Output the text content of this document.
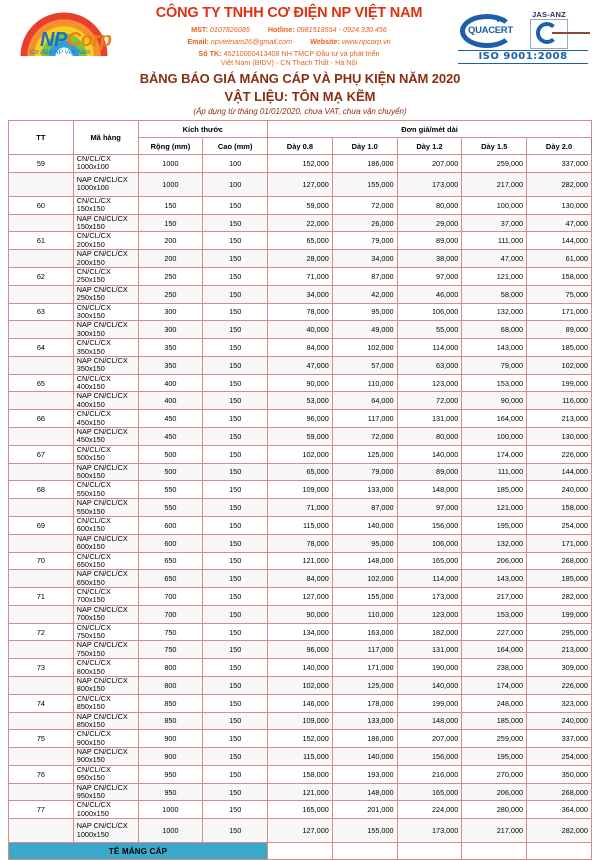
NPCorp
Cơ điện NP Việt Nam
CÔNG TY TNHH CƠ ĐIỆN NP VIỆT NAM
MST: 0107826085	Hotline: 0981518554 - 0924.330.456
Email: npvietnam26@gmail.com	Website: www.npcorp.vn
Số TK: 45210000413408 NH TMCP Đầu tư và phát triển
Việt Nam (BIDV) - CN Thạch Thất - Hà Nội
QUACERT
vn
JAS-ANZ
ISO 9001:2008
BẢNG BÁO GIÁ MÁNG CÁP VÀ PHỤ KIỆN NĂM 2020
VẬT LIỆU: TÔN MẠ KẼM
(Áp dụng từ tháng 01/01/2020, chưa VAT, chưa vận chuyển)
TT	Mã hàng	Kích thước		Đơn giá/mét dài				
		Rộng (mm)	Cao (mm)	Dày 0.8	Dày 1.0	Dày 1.2	Dày 1.5	Dày 2.0
59	CN/CL/CX 1000x100	1000	100	152,000	186,000	207,000	259,000	337,000
	NAP CN/CL/CX 1000x100	1000	100	127,000	155,000	173,000	217,000	282,000
60	CN/CL/CX 150x150	150	150	59,000	72,000	80,000	100,000	130,000
	NAP CN/CL/CX 150x150	150	150	22,000	26,000	29,000	37,000	47,000
61	CN/CL/CX 200x150	200	150	65,000	79,000	89,000	111,000	144,000
	NAP CN/CL/CX 200x150	200	150	28,000	34,000	38,000	47,000	61,000
62	CN/CL/CX 250x150	250	150	71,000	87,000	97,000	121,000	158,000
	NAP CN/CL/CX 250x150	250	150	34,000	42,000	46,000	58,000	75,000
63	CN/CL/CX 300x150	300	150	78,000	95,000	106,000	132,000	171,000
	NAP CN/CL/CX 300x150	300	150	40,000	49,000	55,000	68,000	89,000
64	CN/CL/CX 350x150	350	150	84,000	102,000	114,000	143,000	185,000
	NAP CN/CL/CX 350x150	350	150	47,000	57,000	63,000	79,000	102,000
65	CN/CL/CX 400x150	400	150	90,000	110,000	123,000	153,000	199,000
	NAP CN/CL/CX 400x150	400	150	53,000	64,000	72,000	90,000	116,000
66	CN/CL/CX 450x150	450	150	96,000	117,000	131,000	164,000	213,000
	NAP CN/CL/CX 450x150	450	150	59,000	72,000	80,000	100,000	130,000
67	CN/CL/CX 500x150	500	150	102,000	125,000	140,000	174,000	226,000
	NAP CN/CL/CX 500x150	500	150	65,000	79,000	89,000	111,000	144,000
68	CN/CL/CX 550x150	550	150	109,000	133,000	148,000	185,000	240,000
	NAP CN/CL/CX 550x150	550	150	71,000	87,000	97,000	121,000	158,000
69	CN/CL/CX 600x150	600	150	115,000	140,000	156,000	195,000	254,000
	NAP CN/CL/CX 600x150	600	150	78,000	95,000	106,000	132,000	171,000
70	CN/CL/CX 650x150	650	150	121,000	148,000	165,000	206,000	268,000
	NAP CN/CL/CX 650x150	650	150	84,000	102,000	114,000	143,000	185,000
71	CN/CL/CX 700x150	700	150	127,000	155,000	173,000	217,000	282,000
	NAP CN/CL/CX 700x150	700	150	90,000	110,000	123,000	153,000	199,000
72	CN/CL/CX 750x150	750	150	134,000	163,000	182,000	227,000	295,000
	NAP CN/CL/CX 750x150	750	150	96,000	117,000	131,000	164,000	213,000
73	CN/CL/CX 800x150	800	150	140,000	171,000	190,000	238,000	309,000
	NAP CN/CL/CX 800x150	800	150	102,000	125,000	140,000	174,000	226,000
74	CN/CL/CX 850x150	850	150	146,000	178,000	199,000	248,000	323,000
	NAP CN/CL/CX 850x150	850	150	109,000	133,000	148,000	185,000	240,000
75	CN/CL/CX 900x150	900	150	152,000	186,000	207,000	259,000	337,000
	NAP CN/CL/CX 900x150	900	150	115,000	140,000	156,000	195,000	254,000
76	CN/CL/CX 950x150	950	150	158,000	193,000	216,000	270,000	350,000
	NAP CN/CL/CX 950x150	950	150	121,000	148,000	165,000	206,000	268,000
77	CN/CL/CX 1000x150	1000	150	165,000	201,000	224,000	280,000	364,000
	NAP CN/CL/CX 1000x150	1000	150	127,000	155,000	173,000	217,000	282,000
TÊ MÁNG CÁP								
